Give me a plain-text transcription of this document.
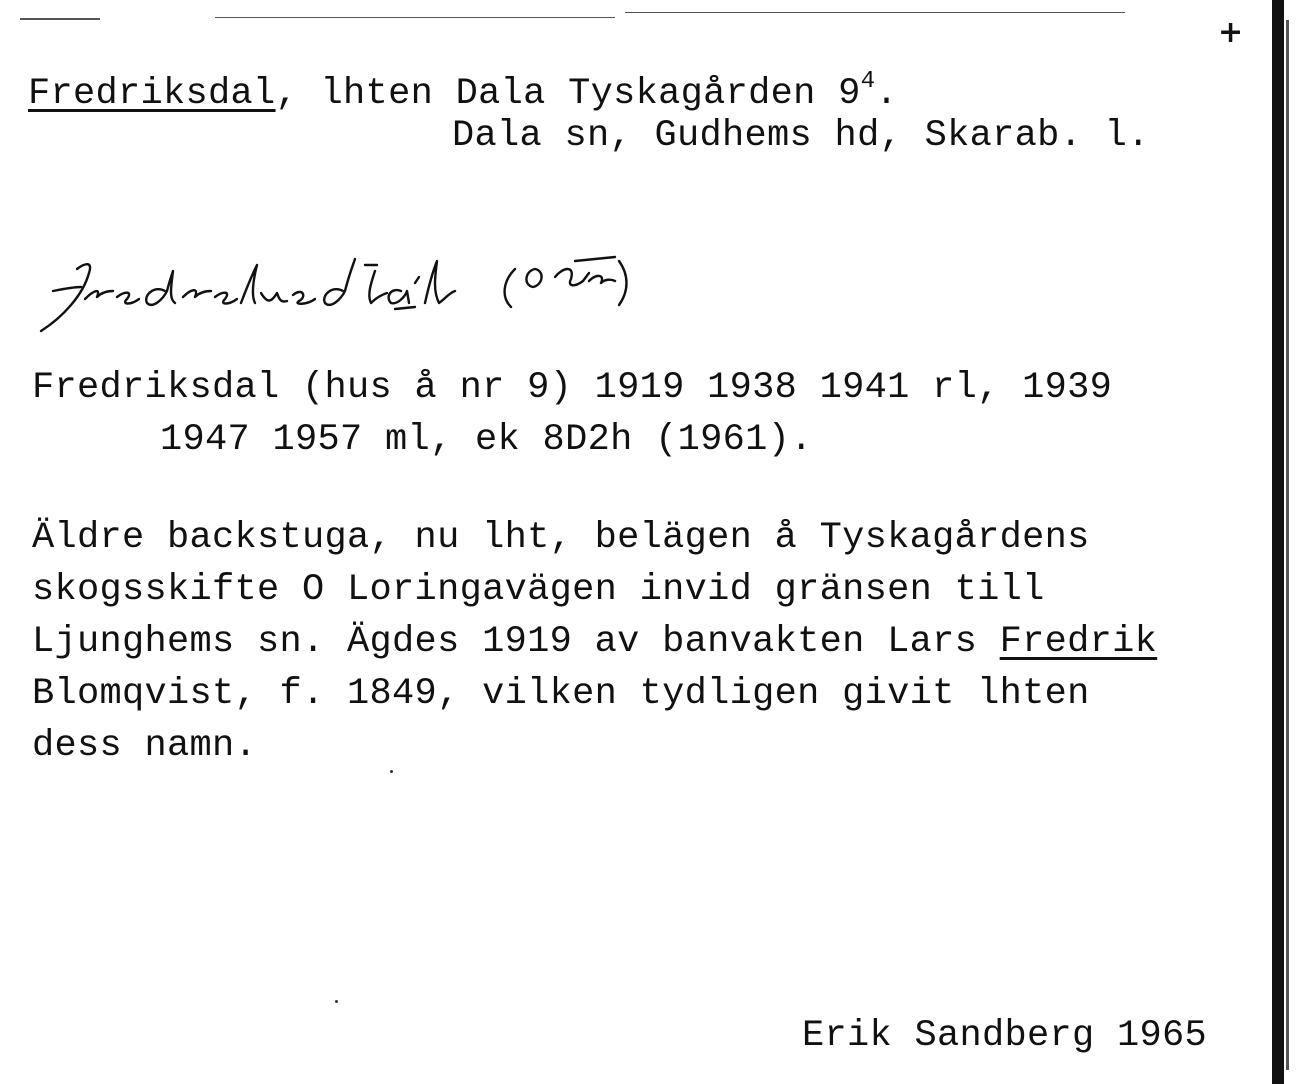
+
Fredriksdal, lhten Dala Tyskagården $9^4$.
Dala sn, Gudhems hd, Skarab. l.
Fredriksdal (hus å nr 9) 1919 1938 1941 rl, 1939
1947 1957 ml, ek 8D2h (1961).
Äldre backstuga, nu lht, belägen å Tyskagårdens
skogsskifte O Loringavägen invid gränsen till
Ljunghems sn. Ägdes 1919 av banvakten Lars Fredrik
Blomqvist, f. 1849, vilken tydligen givit lhten
dess namn.
Erik Sandberg 1965
